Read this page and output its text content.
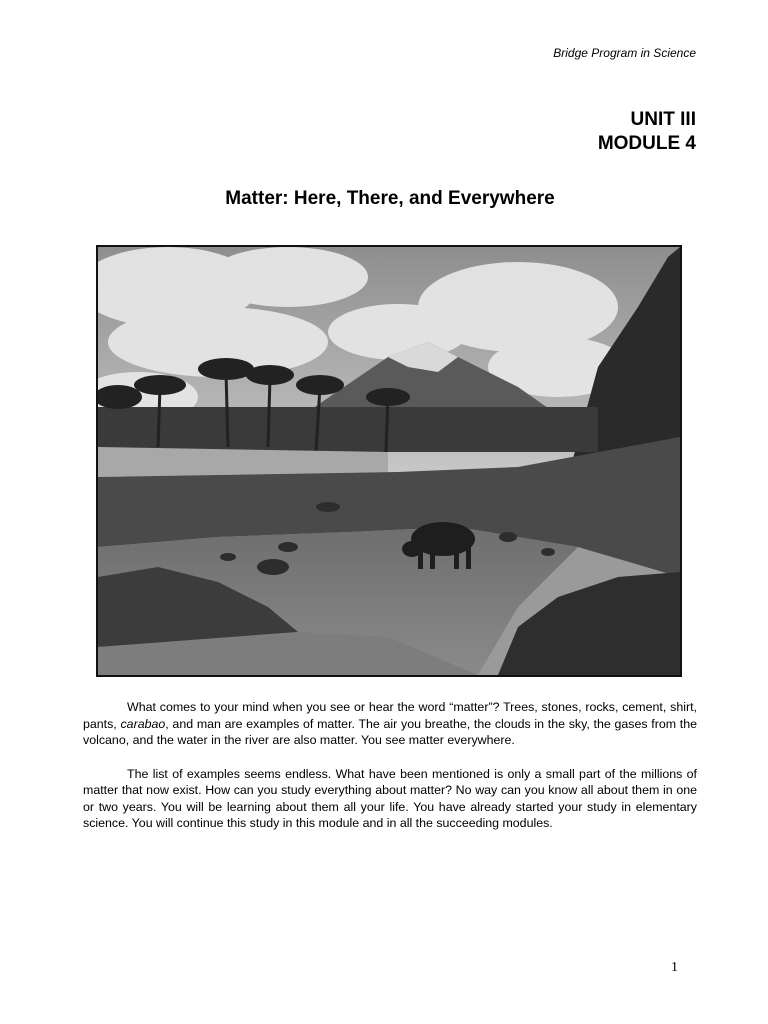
Bridge Program in Science
UNIT III
MODULE 4
Matter: Here, There, and Everywhere

What comes to your mind when you see or hear the word “matter”? Trees, stones, rocks, cement, shirt, pants, carabao, and man are examples of matter. The air you breathe, the clouds in the sky, the gases from the volcano, and the water in the river are also matter. You see matter everywhere.

The list of examples seems endless. What have been mentioned is only a small part of the millions of matter that now exist. How can you study everything about matter? No way can you know all about them in one or two years. You will be learning about them all your life. You have already started your study in elementary science. You will continue this study in this module and in all the succeeding modules.

1
